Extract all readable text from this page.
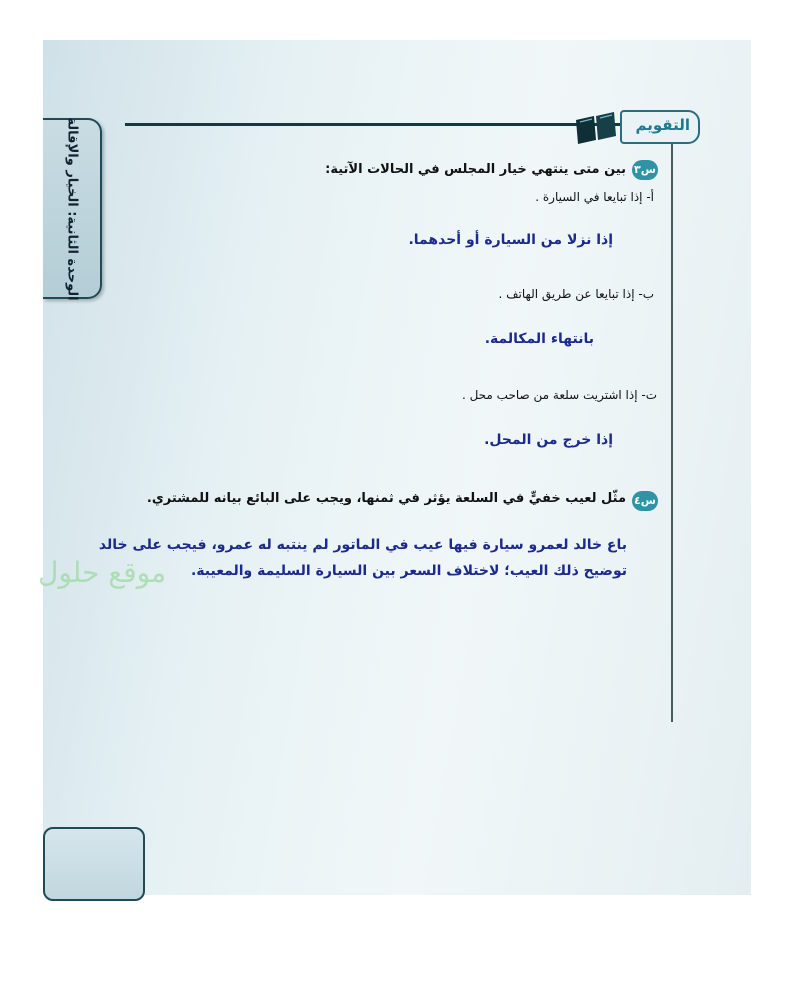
الوحدة الثانية: الخيار والإقالة	التقويم
س٣
بين متى ينتهي خيار المجلس في الحالات الآتية:
أ- إذا تبايعا في السيارة .
إذا نزلا من السيارة أو أحدهما.
ب- إذا تبايعا عن طريق الهاتف .
بانتهاء المكالمة.
ت- إذا اشتريت سلعة من صاحب محل .
إذا خرج من المحل.
س٤
مثّل لعيب خفيٍّ في السلعة يؤثر في ثمنها، ويجب على البائع بيانه للمشتري.
موقع حلول
باع خالد لعمرو سيارة فيها عيب في الماتور لم ينتبه له عمرو، فيجب على خالد
توضيح ذلك العيب؛ لاختلاف السعر بين السيارة السليمة والمعيبة.
